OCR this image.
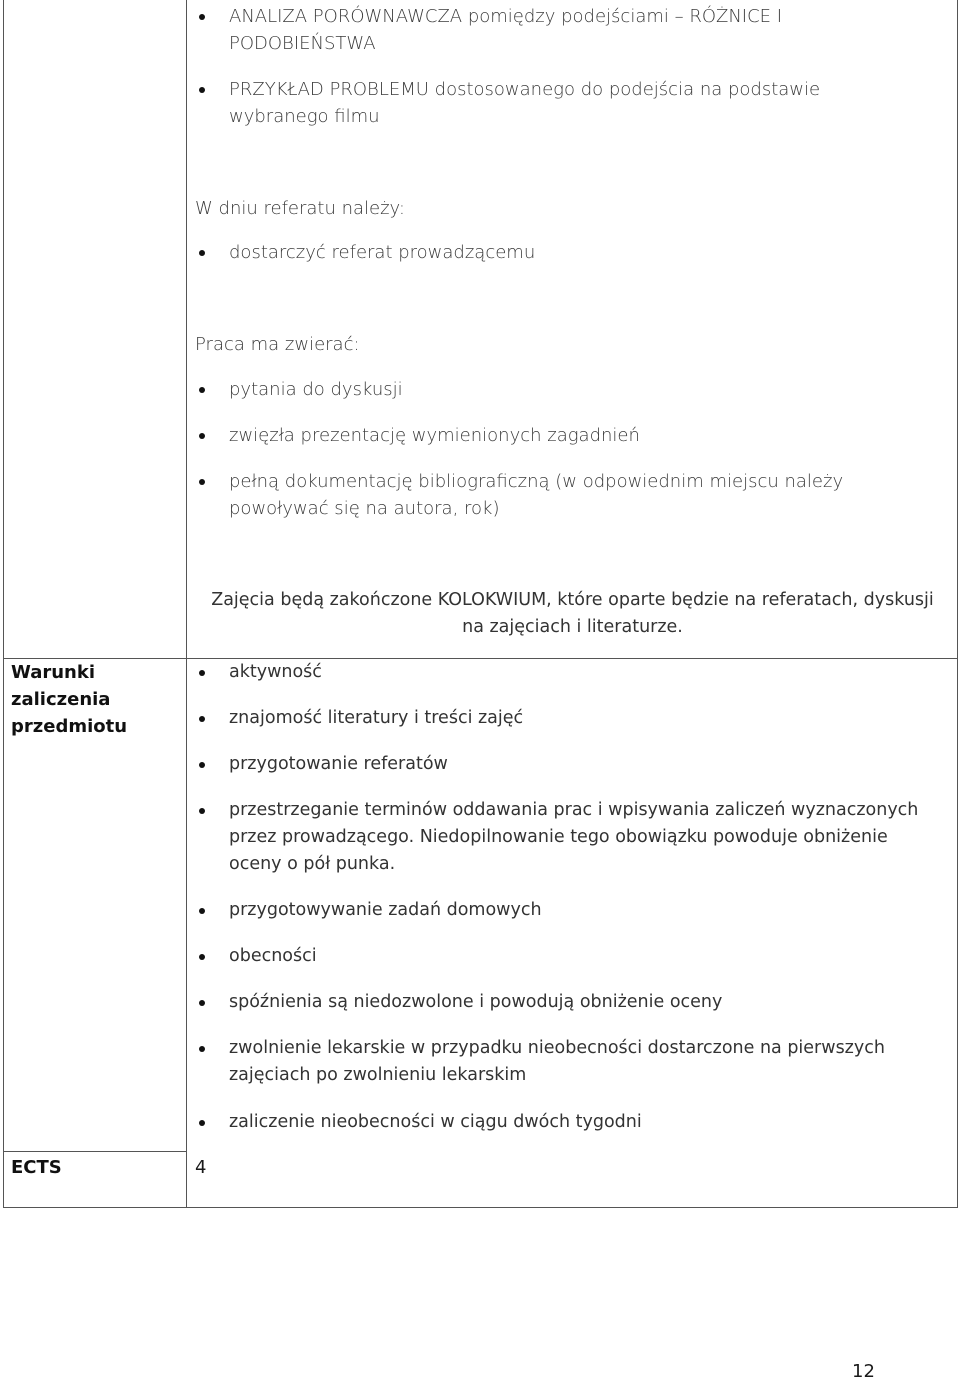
ANALIZA PORÓWNAWCZA pomiędzy podejściami – RÓŻNICE I PODOBIEŃSTWA
PRZYKŁAD PROBLEMU dostosowanego do podejścia na podstawie wybranego filmu
W dniu referatu należy:
dostarczyć referat prowadzącemu
Praca ma zwierać:
pytania do dyskusji
zwięzła prezentację wymienionych zagadnień
pełną dokumentację bibliograficzną (w odpowiednim miejscu należy powoływać się na autora, rok)
Zajęcia będą zakończone KOLOKWIUM, które oparte będzie na referatach, dyskusji na zajęciach i literaturze.
Warunki zaliczenia przedmiotu
aktywność
znajomość literatury i treści zajęć
przygotowanie referatów
przestrzeganie terminów oddawania prac i wpisywania zaliczeń wyznaczonych przez prowadzącego. Niedopilnowanie tego obowiązku powoduje obniżenie oceny o pół punka.
przygotowywanie zadań domowych
obecności
spóźnienia są niedozwolone i powodują obniżenie oceny
zwolnienie lekarskie w przypadku nieobecności dostarczone na pierwszych zajęciach po zwolnieniu lekarskim
zaliczenie nieobecności w ciągu dwóch tygodni
ECTS	4
12
